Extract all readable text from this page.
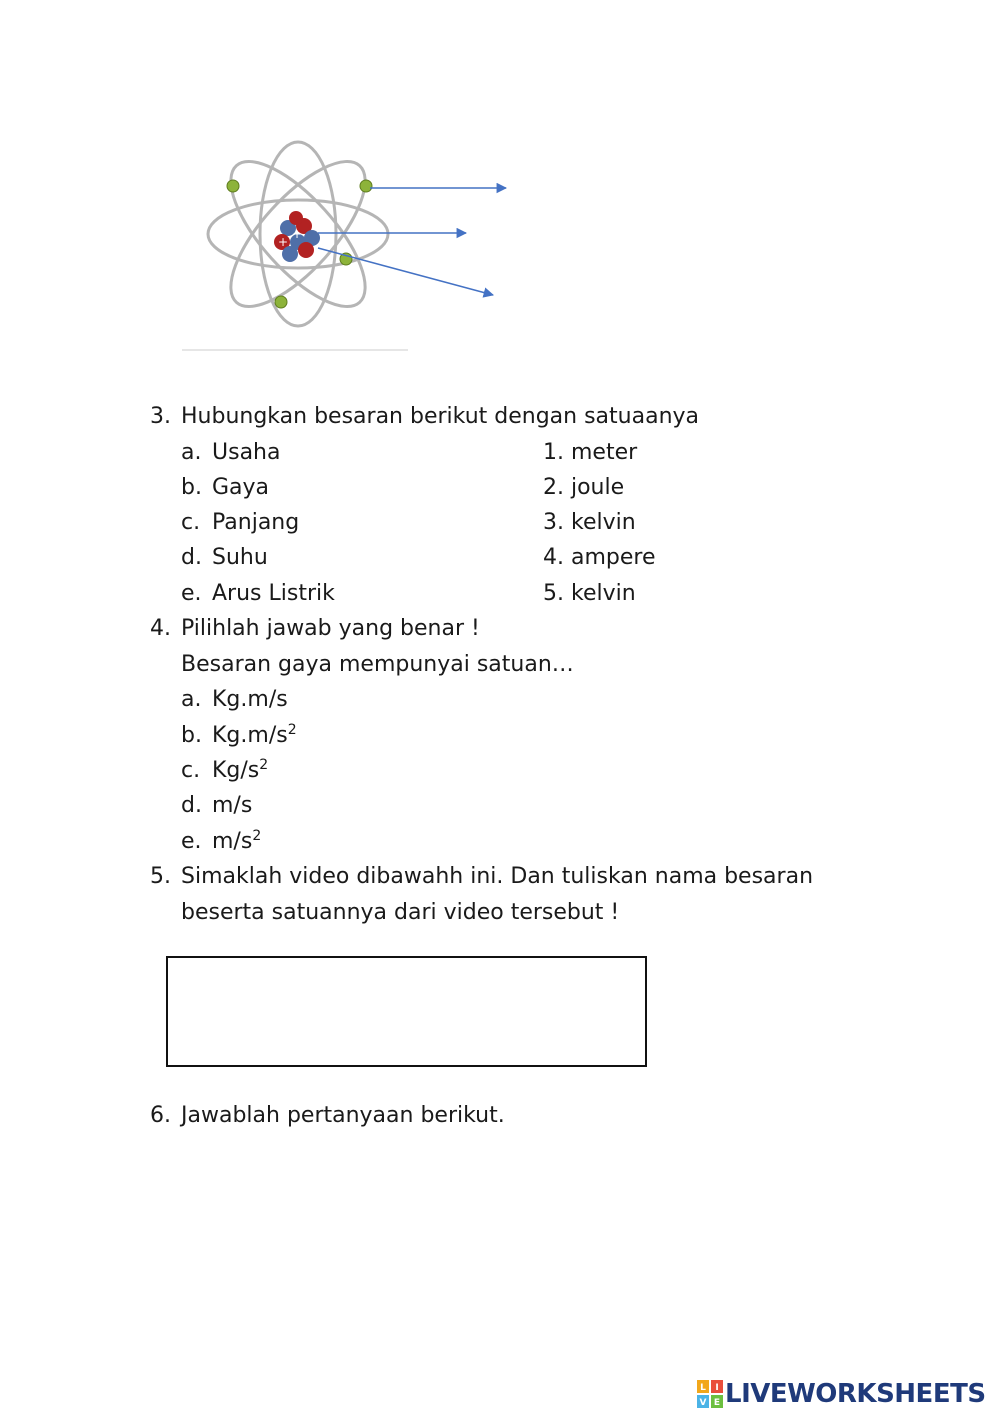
+
+
3. Hubungkan besaran berikut dengan satuaanya
a. Usaha
b. Gaya
c. Panjang
d. Suhu
e. Arus Listrik
1. meter
2. joule
3. kelvin
4. ampere
5. kelvin
4. Pilihlah jawab yang benar !
Besaran gaya mempunyai satuan…
a. Kg.m/s
b. $Kg.m/s^2$
c. $Kg/s^2$
d. m/s
e. $m/s^2$
5. Simaklah video dibawahh ini. Dan tuliskan nama besaran
beserta satuannya dari video tersebut !
6. Jawablah pertanyaan berikut.
L I
V E LIVEWORKSHEETS
